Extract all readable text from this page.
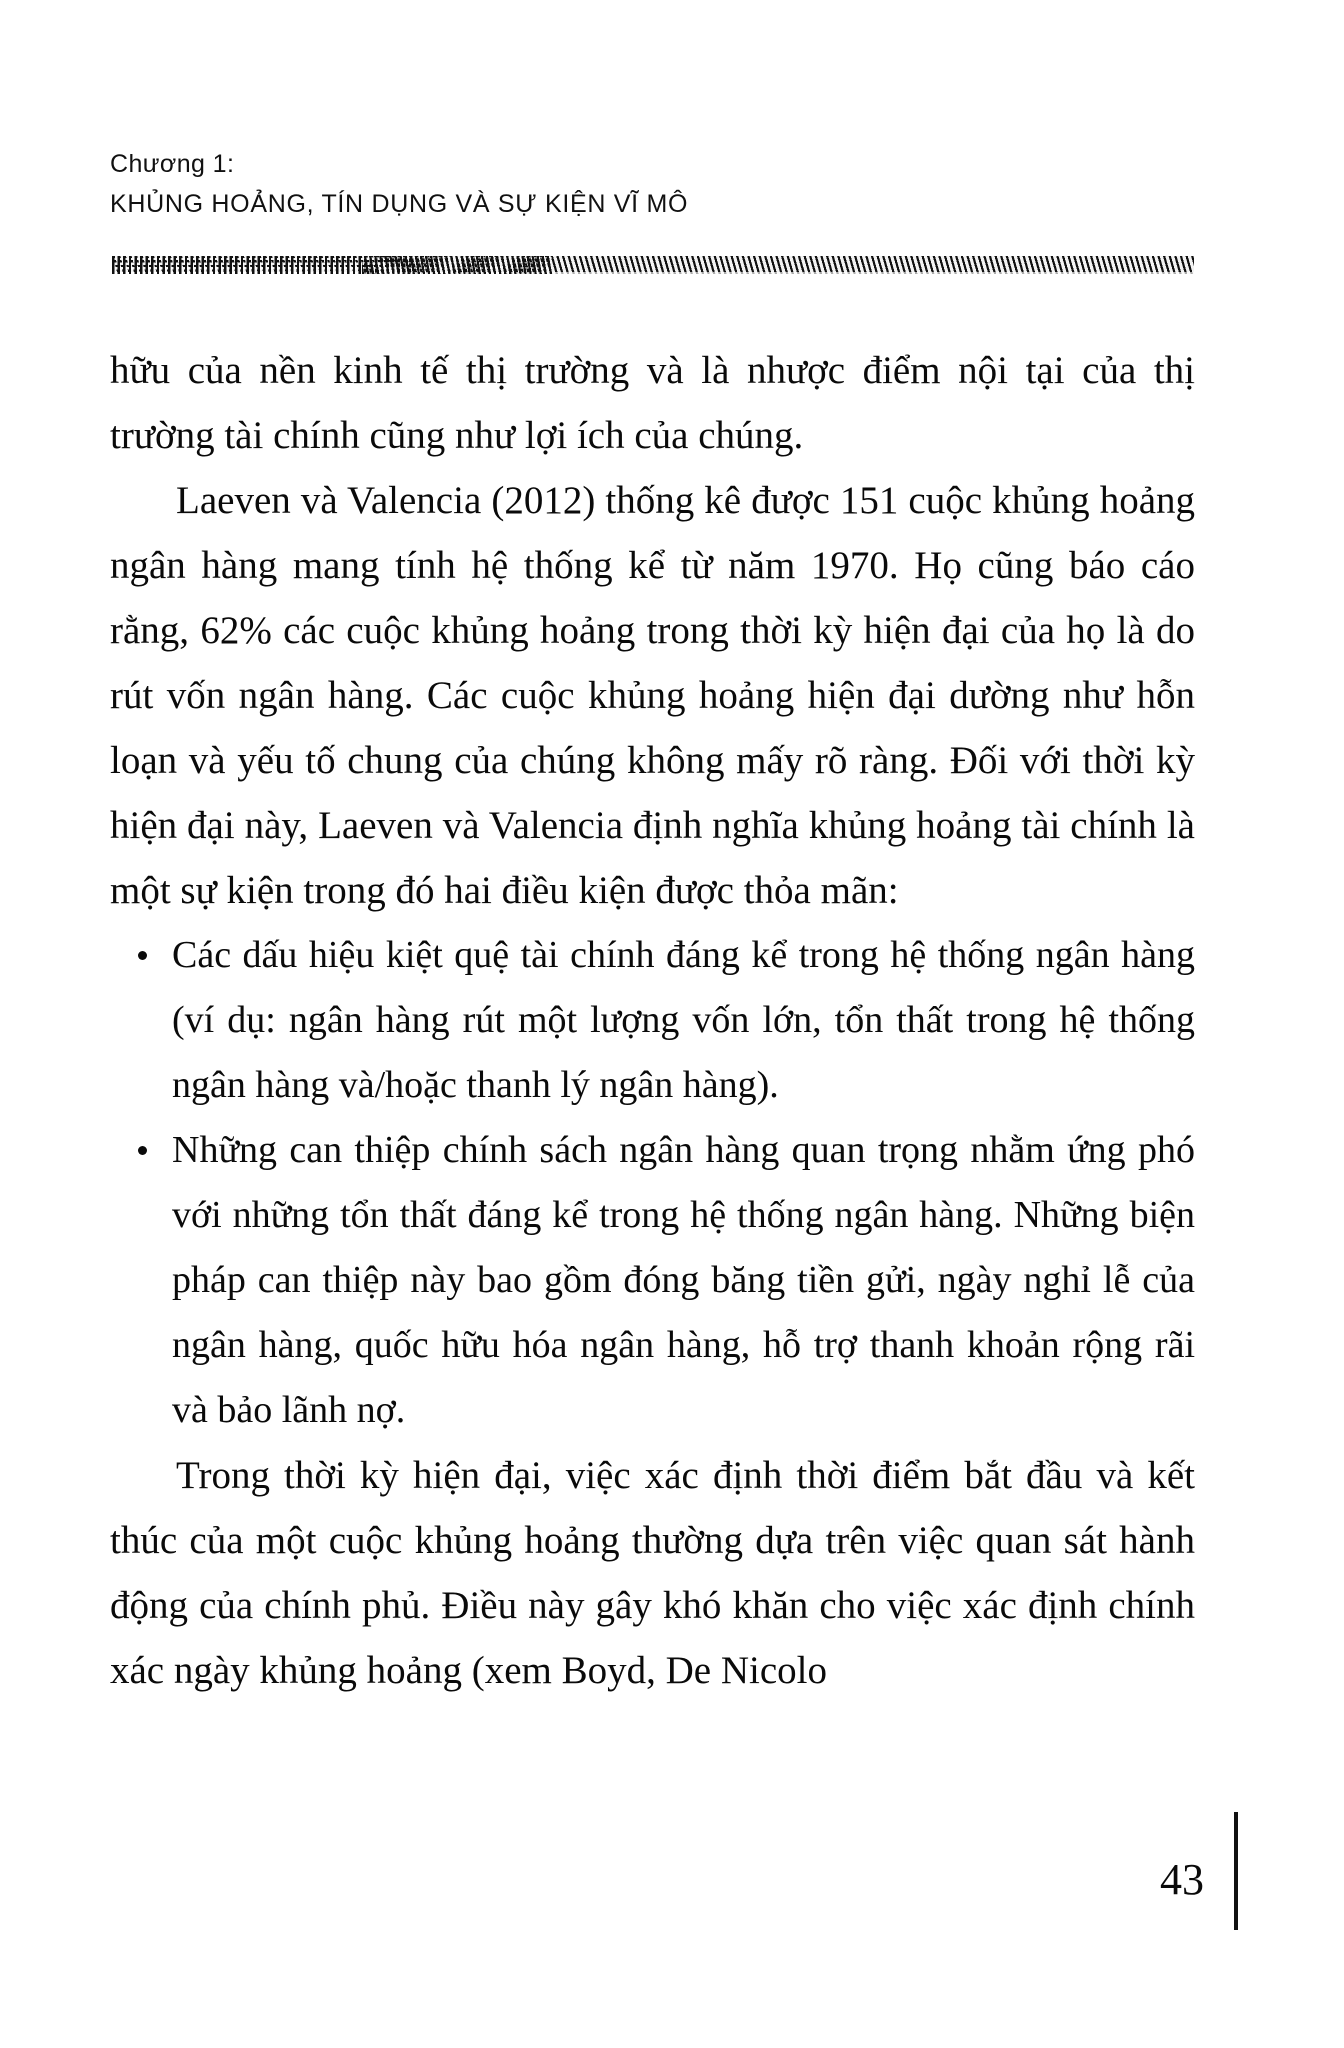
Chương 1:
KHỦNG HOẢNG, TÍN DỤNG VÀ SỰ KIỆN VĨ MÔ

hữu của nền kinh tế thị trường và là nhược điểm nội tại của thị trường tài chính cũng như lợi ích của chúng.

Laeven và Valencia (2012) thống kê được 151 cuộc khủng hoảng ngân hàng mang tính hệ thống kể từ năm 1970. Họ cũng báo cáo rằng, 62% các cuộc khủng hoảng trong thời kỳ hiện đại của họ là do rút vốn ngân hàng. Các cuộc khủng hoảng hiện đại dường như hỗn loạn và yếu tố chung của chúng không mấy rõ ràng. Đối với thời kỳ hiện đại này, Laeven và Valencia định nghĩa khủng hoảng tài chính là một sự kiện trong đó hai điều kiện được thỏa mãn:

Các dấu hiệu kiệt quệ tài chính đáng kể trong hệ thống ngân hàng (ví dụ: ngân hàng rút một lượng vốn lớn, tổn thất trong hệ thống ngân hàng và/hoặc thanh lý ngân hàng).
Những can thiệp chính sách ngân hàng quan trọng nhằm ứng phó với những tổn thất đáng kể trong hệ thống ngân hàng. Những biện pháp can thiệp này bao gồm đóng băng tiền gửi, ngày nghỉ lễ của ngân hàng, quốc hữu hóa ngân hàng, hỗ trợ thanh khoản rộng rãi và bảo lãnh nợ.

Trong thời kỳ hiện đại, việc xác định thời điểm bắt đầu và kết thúc của một cuộc khủng hoảng thường dựa trên việc quan sát hành động của chính phủ. Điều này gây khó khăn cho việc xác định chính xác ngày khủng hoảng (xem Boyd, De Nicolo

43
